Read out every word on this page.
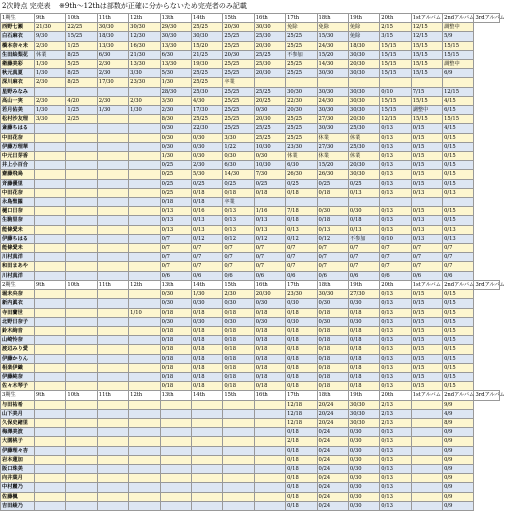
2次時点 完売表 ※9th〜12thは部数が正確に分からないため完売者のみ記載
1期生	9th	10th	11th	12th	13th	14th	15th	16th	17th	18th	19th	20th	1stアルバム	2ndアルバム	3rdアルバム
西野七瀬	21/30	22/25	30/30	30/30	29/30	25/25	20/30	30/30	免除	免除	免除	2/15	12/15	調整中	
白石麻衣	9/30	15/25	18/30	12/30	30/30	30/30	25/25	25/30	25/25	15/30	免除	3/15	12/15	5/9	
橋本奈々未	2/30	1/25	13/30	16/30	13/30	15/20	25/25	20/30	25/25	24/30	18/30	15/15	15/15	15/15	
生田絵梨花	休業	8/25	6/30	21/30	6/30	21/25	20/30	25/25	不参加	15/20	30/30	15/15	15/15	15/15	
衛藤美彩	1/30	5/25	2/30	13/30	13/30	19/30	25/25	25/30	25/25	14/30	20/30	15/15	15/15	調整中	
秋元真夏	1/30	8/25	2/30	3/30	5/30	25/25	25/25	20/30	25/25	30/30	30/30	15/15	15/15	6/9	
深川麻衣	2/30	8/25	17/30	23/30	1/30	25/25	卒業								
星野みなみ					28/30	25/30	25/25	25/25	30/30	30/30	30/30	0/10	7/15	12/15	
高山一実	2/30	4/20	2/30	2/30	3/30	4/30	25/25	20/25	22/30	24/30	30/30	15/15	15/15	4/15	
若月佑美	1/30	1/25	1/30	1/30	2/30	17/30	25/25	0/30	20/30	30/30	30/30	15/15	調整中	6/15	
松村沙友理	3/30	2/25			8/30	25/25	25/25	20/30	25/25	27/30	20/30	12/15	15/15	15/15	
斎藤ちはる					0/30	22/30	25/25	25/25	25/25	30/30	25/30	0/13	0/15	4/15	
中田花奈					0/30	0/30	3/30	25/25	25/25	休業	休業	0/13	0/15	0/15	
伊藤万理華					0/30	0/30	1/22	10/30	23/30	27/30	25/30	0/13	0/15	0/15	
中元日芽香					1/30	0/30	0/30	0/30	休業	休業	休業	0/13	0/15	0/15	
井上小百合					0/25	2/30	6/30	10/30	6/30	15/20	20/30	0/13	0/15	0/15	
齋藤飛鳥					0/25	5/30	14/30	7/30	26/30	26/30	30/30	0/13	0/15	0/15	
斉藤優里					0/25	0/25	0/25	0/25	0/25	0/25	0/25	0/13	0/15	0/15	
中田花奈					0/25	0/18	0/18	0/18	0/18	0/18	0/13	0/13	0/13	0/13	
永島聖羅					0/18	0/18	卒業								
樋口日奈					0/13	0/16	0/13	1/16	7/18	0/30	0/30	0/13	0/15	0/15	
生駒里奈					0/13	0/13	0/13	0/13	0/18	0/18	0/18	0/13	0/13	0/15	
能條愛未					0/13	0/13	0/13	0/13	0/13	0/13	0/13	0/13	0/13	0/13	
伊藤ちはる					0/7	0/12	0/12	0/12	0/12	0/12	不参加	0/10	0/13	0/13	
能條愛未					0/7	0/7	0/7	0/7	0/7	0/7	0/7	0/7	0/7	0/7	
川村真洋					0/7	0/7	0/7	0/7	0/7	0/7	0/7	0/7	0/7	0/7	
和田まあや					0/7	0/7	0/7	0/7	0/7	0/7	0/7	0/7	0/7	0/7	
川村真洋					0/6	0/6	0/6	0/6	0/6	0/6	0/6	0/6	0/6	0/6	
2期生	9th	10th	11th	12th	13th	14th	15th	16th	17th	18th	19th	20th	1stアルバム	2ndアルバム	3rdアルバム
堀未央奈					0/30	1/30	2/30	20/30	23/30	30/30	27/30	0/13	0/15	0/15	
新内眞衣					0/30	0/30	0/30	0/30	0/30	0/30	0/30	0/13	0/15	0/15	
寺田蘭世				1/10	0/18	0/18	0/18	0/18	0/18	0/18	0/18	0/13	0/15	0/15	
北野日奈子					0/30	0/30	0/30	0/30	0/30	0/30	0/30	0/13	0/15	0/15	
鈴木絢音					0/18	0/18	0/18	0/18	0/18	0/18	0/18	0/13	0/15	0/15	
山崎怜奈					0/18	0/18	0/18	0/18	0/18	0/18	0/18	0/13	0/15	0/15	
渡辺みり愛					0/18	0/18	0/18	0/18	0/18	0/18	0/18	0/13	0/15	0/15	
伊藤かりん					0/18	0/18	0/18	0/18	0/18	0/18	0/18	0/13	0/15	0/15	
相楽伊織					0/18	0/18	0/18	0/18	0/18	0/18	0/18	0/13	0/15	0/15	
伊藤純奈					0/18	0/18	0/18	0/18	0/18	0/18	0/18	0/13	0/15	0/15	
佐々木琴子					0/18	0/18	0/18	0/18	0/18	0/18	0/18	0/13	0/15	0/15	
3期生	9th	10th	11th	12th	13th	14th	15th	16th	17th	18th	19th	20th	1stアルバム	2ndアルバム	3rdアルバム
与田祐希									12/18	20/24	30/30	2/13		9/9	
山下美月									12/18	20/24	30/30	2/13		4/9	
久保史緒里									12/18	20/24	30/30	2/13		8/9	
梅澤美波									0/18	0/24	0/30	0/13		0/9	
大園桃子									2/18	0/24	0/30	0/13		0/9	
伊藤理々杏									0/18	0/24	0/30	0/13		0/9	
岩本蓮加									0/18	0/24	0/30	0/13		0/9	
阪口珠美									0/18	0/24	0/30	0/13		0/9	
向井葉月									0/18	0/24	0/30	0/13		0/9	
中村麗乃									0/18	0/24	0/30	0/13		0/9	
佐藤楓									0/18	0/24	0/30	0/13		0/9	
吉田綾乃									0/18	0/24	0/30	0/13		0/9	
